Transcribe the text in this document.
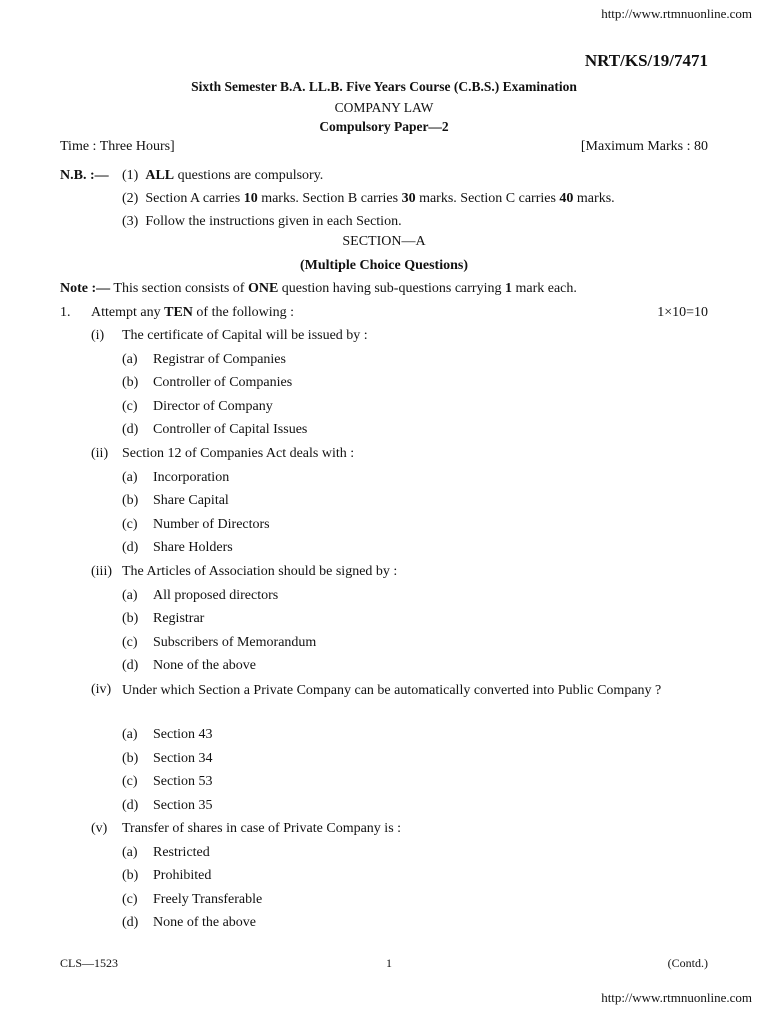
http://www.rtmnuonline.com
NRT/KS/19/7471
Sixth Semester B.A. LL.B. Five Years Course (C.B.S.) Examination
COMPANY LAW
Compulsory Paper—2
Time : Three Hours]	[Maximum Marks : 80
N.B. :— (1) ALL questions are compulsory.
(2) Section A carries 10 marks. Section B carries 30 marks. Section C carries 40 marks.
(3) Follow the instructions given in each Section.
SECTION—A
(Multiple Choice Questions)
Note :— This section consists of ONE question having sub-questions carrying 1 mark each.
1. Attempt any TEN of the following :	1×10=10
(i) The certificate of Capital will be issued by :
(a) Registrar of Companies
(b) Controller of Companies
(c) Director of Company
(d) Controller of Capital Issues
(ii) Section 12 of Companies Act deals with :
(a) Incorporation
(b) Share Capital
(c) Number of Directors
(d) Share Holders
(iii) The Articles of Association should be signed by :
(a) All proposed directors
(b) Registrar
(c) Subscribers of Memorandum
(d) None of the above
(iv) Under which Section a Private Company can be automatically converted into Public Company ?
(a) Section 43
(b) Section 34
(c) Section 53
(d) Section 35
(v) Transfer of shares in case of Private Company is :
(a) Restricted
(b) Prohibited
(c) Freely Transferable
(d) None of the above
CLS—1523	1	(Contd.)
http://www.rtmnuonline.com
